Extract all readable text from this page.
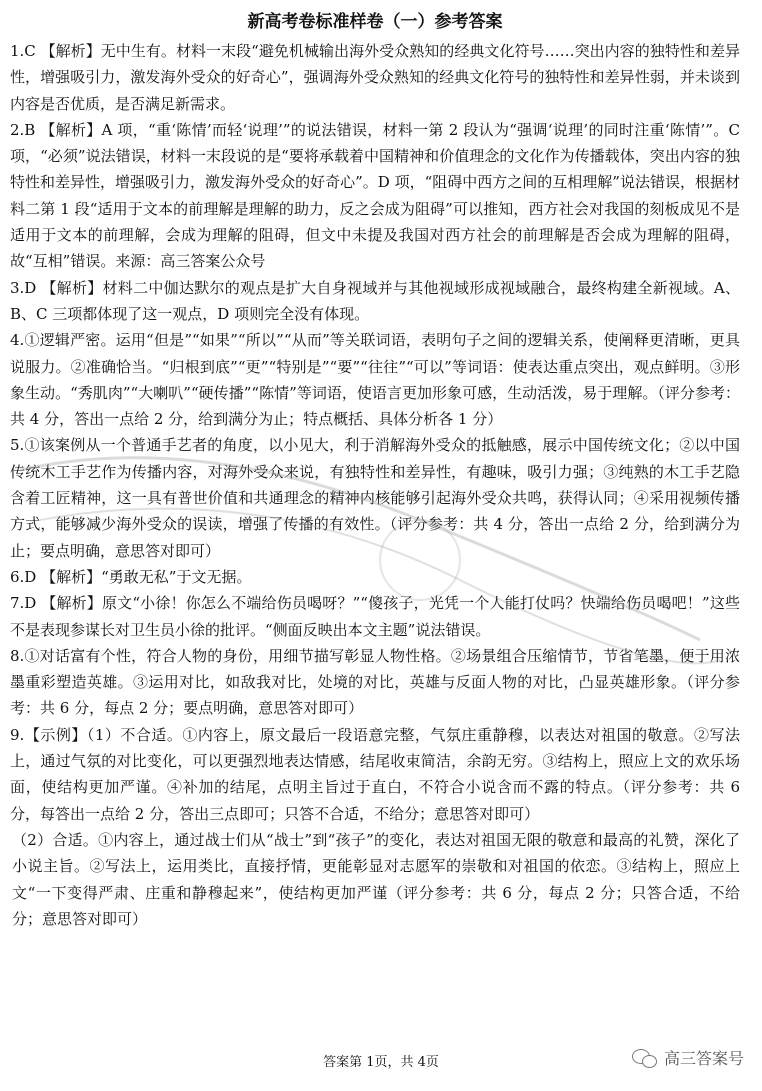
新高考卷标准样卷（一）参考答案

1.C 【解析】无中生有。材料一末段“避免机械输出海外受众熟知的经典文化符号……突出内容的独特性和差异性，增强吸引力，激发海外受众的好奇心”，强调海外受众熟知的经典文化符号的独特性和差异性弱，并未谈到内容是否优质，是否满足新需求。

2.B 【解析】A 项，“重‘陈情’而轻‘说理’”的说法错误，材料一第 2 段认为“强调‘说理’的同时注重‘陈情’”。C 项，“必须”说法错误，材料一末段说的是“要将承载着中国精神和价值理念的文化作为传播载体，突出内容的独特性和差异性，增强吸引力，激发海外受众的好奇心”。D 项，“阻碍中西方之间的互相理解”说法错误，根据材料二第 1 段“适用于文本的前理解是理解的助力，反之会成为阻碍”可以推知，西方社会对我国的刻板成见不是适用于文本的前理解，会成为理解的阻碍，但文中未提及我国对西方社会的前理解是否会成为理解的阻碍，故“互相”错误。来源：高三答案公众号

3.D 【解析】材料二中伽达默尔的观点是扩大自身视域并与其他视域形成视域融合，最终构建全新视域。A、B、C 三项都体现了这一观点，D 项则完全没有体现。

4.①逻辑严密。运用“但是”“如果”“所以”“从而”等关联词语，表明句子之间的逻辑关系，使阐释更清晰，更具说服力。②准确恰当。“归根到底”“更”“特别是”“要”“往往”“可以”等词语：使表达重点突出，观点鲜明。③形象生动。“秀肌肉”“大喇叭”“硬传播”“陈情”等词语，使语言更加形象可感，生动活泼，易于理解。（评分参考：共 4 分，答出一点给 2 分，给到满分为止；特点概括、具体分析各 1 分）

5.①该案例从一个普通手艺者的角度，以小见大，利于消解海外受众的抵触感，展示中国传统文化；②以中国传统木工手艺作为传播内容，对海外受众来说，有独特性和差异性，有趣味，吸引力强；③纯熟的木工手艺隐含着工匠精神，这一具有普世价值和共通理念的精神内核能够引起海外受众共鸣，获得认同；④采用视频传播方式，能够减少海外受众的误读，增强了传播的有效性。（评分参考：共 4 分，答出一点给 2 分，给到满分为止；要点明确，意思答对即可）

6.D 【解析】“勇敢无私”于文无据。

7.D 【解析】原文“小徐！你怎么不端给伤员喝呀？”“傻孩子，光凭一个人能打仗吗？快端给伤员喝吧！”这些不是表现参谋长对卫生员小徐的批评。“侧面反映出本文主题”说法错误。

8.①对话富有个性，符合人物的身份，用细节描写彰显人物性格。②场景组合压缩情节，节省笔墨，便于用浓墨重彩塑造英雄。③运用对比，如敌我对比，处境的对比，英雄与反面人物的对比，凸显英雄形象。（评分参考：共 6 分，每点 2 分；要点明确，意思答对即可）

9.【示例】（1）不合适。①内容上，原文最后一段语意完整，气氛庄重静穆，以表达对祖国的敬意。②写法上，通过气氛的对比变化，可以更强烈地表达情感，结尾收束简洁，余韵无穷。③结构上，照应上文的欢乐场面，使结构更加严谨。④补加的结尾，点明主旨过于直白，不符合小说含而不露的特点。（评分参考：共 6 分，每答出一点给 2 分，答出三点即可；只答不合适，不给分；意思答对即可）

（2）合适。①内容上，通过战士们从“战士”到“孩子”的变化，表达对祖国无限的敬意和最高的礼赞，深化了小说主旨。②写法上，运用类比，直接抒情，更能彰显对志愿军的崇敬和对祖国的依恋。③结构上，照应上文“一下变得严肃、庄重和静穆起来”，使结构更加严谨（评分参考：共 6 分，每点 2 分；只答合适，不给分；意思答对即可）

答案第 1页，共 4页	高三答案号
